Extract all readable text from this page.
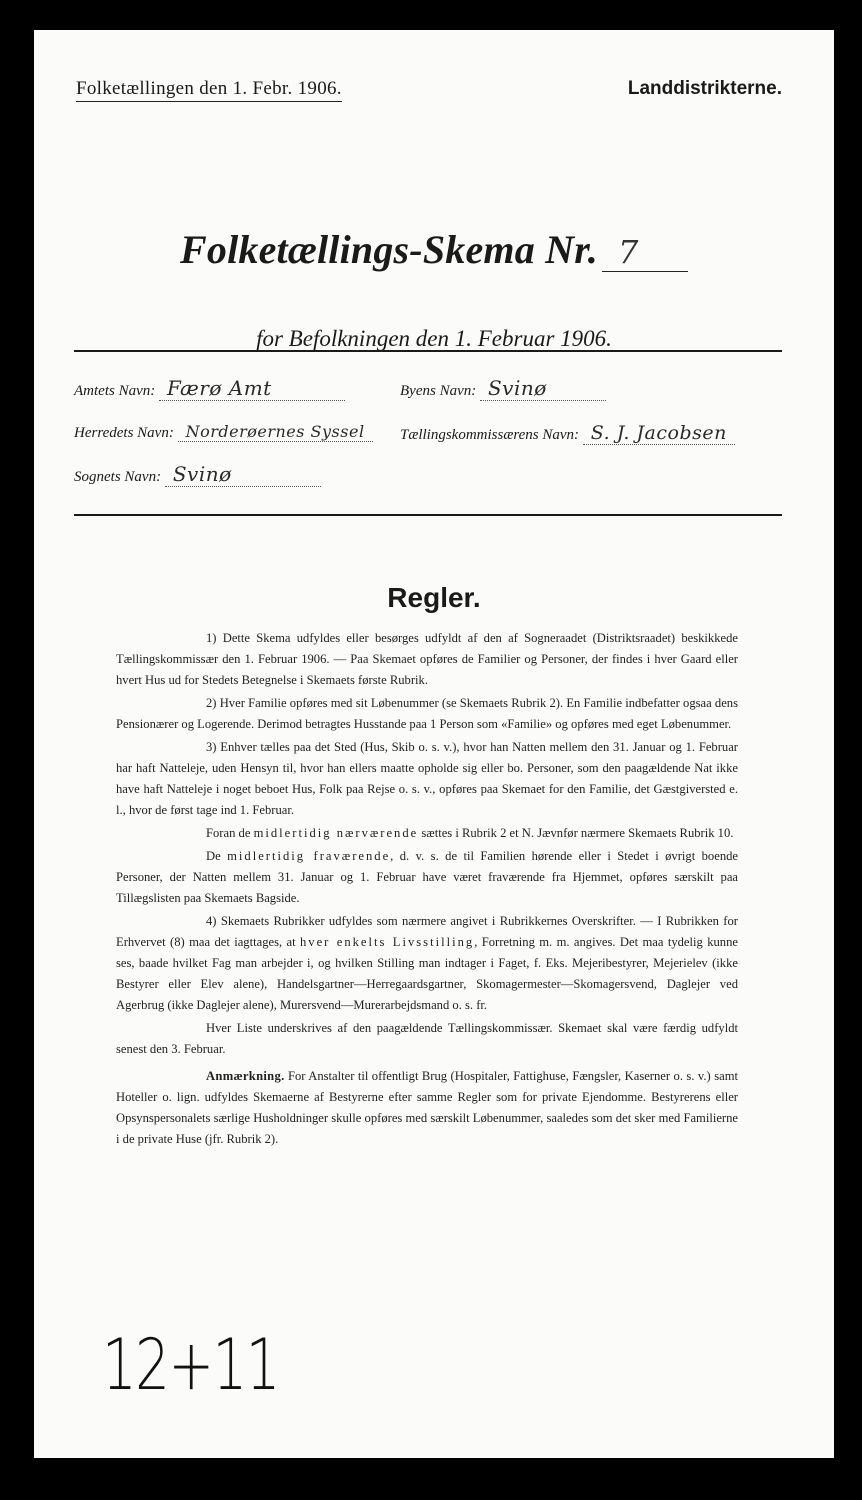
Folketællingen den 1. Febr. 1906.	Landdistrikterne.
Folketællings-Skema Nr. 7
for Befolkningen den 1. Februar 1906.
Amtets Navn: Færø Amt	Byens Navn: Svinø
Herredets Navn: Norderøernes Syssel	Tællingskommissærens Navn: S. J. Jacobsen
Sognets Navn: Svinø
Regler.

1) Dette Skema udfyldes eller besørges udfyldt af den af Sogneraadet (Distriktsraadet) beskikkede Tællingskommissær den 1. Februar 1906. — Paa Skemaet opføres de Familier og Personer, der findes i hver Gaard eller hvert Hus ud for Stedets Betegnelse i Skemaets første Rubrik.

2) Hver Familie opføres med sit Løbenummer (se Skemaets Rubrik 2). En Familie indbefatter ogsaa dens Pensionærer og Logerende. Derimod betragtes Husstande paa 1 Person som «Familie» og opføres med eget Løbenummer.

3) Enhver tælles paa det Sted (Hus, Skib o. s. v.), hvor han Natten mellem den 31. Januar og 1. Februar har haft Natteleje, uden Hensyn til, hvor han ellers maatte opholde sig eller bo. Personer, som den paagældende Nat ikke have haft Natteleje i noget beboet Hus, Folk paa Rejse o. s. v., opføres paa Skemaet for den Familie, det Gæstgiversted e. l., hvor de først tage ind 1. Februar.

Foran de midlertidig nærværende sættes i Rubrik 2 et N. Jævnfør nærmere Skemaets Rubrik 10.

De midlertidig fraværende, d. v. s. de til Familien hørende eller i Stedet i øvrigt boende Personer, der Natten mellem 31. Januar og 1. Februar have været fraværende fra Hjemmet, opføres særskilt paa Tillægslisten paa Skemaets Bagside.

4) Skemaets Rubrikker udfyldes som nærmere angivet i Rubrikkernes Overskrifter. — I Rubrikken for Erhvervet (8) maa det iagttages, at hver enkelts Livsstilling, Forretning m. m. angives. Det maa tydelig kunne ses, baade hvilket Fag man arbejder i, og hvilken Stilling man indtager i Faget, f. Eks. Mejeribestyrer, Mejerielev (ikke Bestyrer eller Elev alene), Handelsgartner—Herregaardsgartner, Skomagermester—Skomagersvend, Daglejer ved Agerbrug (ikke Daglejer alene), Murersvend—Murerarbejdsmand o. s. fr.

Hver Liste underskrives af den paagældende Tællingskommissær. Skemaet skal være færdig udfyldt senest den 3. Februar.

Anmærkning. For Anstalter til offentligt Brug (Hospitaler, Fattighuse, Fængsler, Kaserner o. s. v.) samt Hoteller o. lign. udfyldes Skemaerne af Bestyrerne efter samme Regler som for private Ejendomme. Bestyrerens eller Opsynspersonalets særlige Husholdninger skulle opføres med særskilt Løbenummer, saaledes som det sker med Familierne i de private Huse (jfr. Rubrik 2).

12+11
